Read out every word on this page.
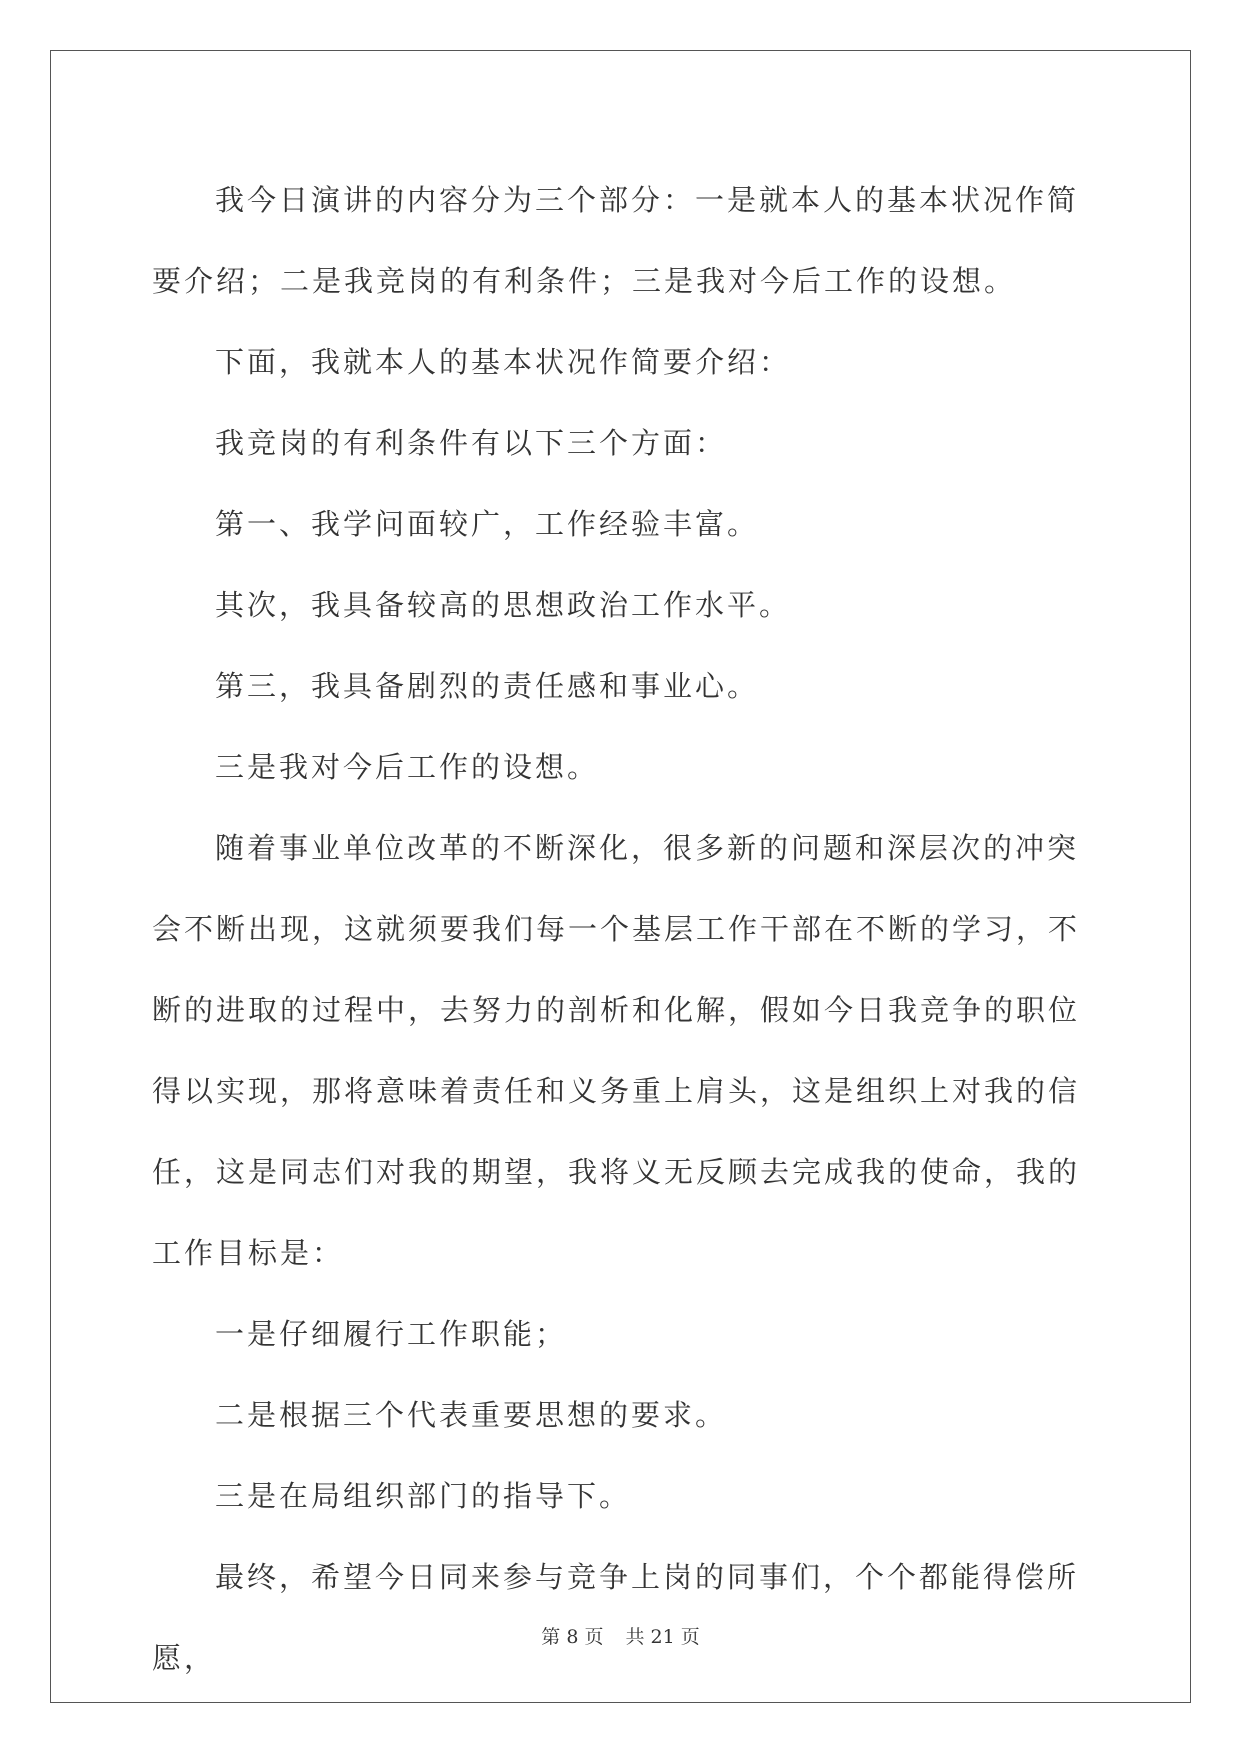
我今日演讲的内容分为三个部分：一是就本人的基本状况作简要介绍；二是我竞岗的有利条件；三是我对今后工作的设想。

下面，我就本人的基本状况作简要介绍：

我竞岗的有利条件有以下三个方面：

第一、我学问面较广，工作经验丰富。

其次，我具备较高的思想政治工作水平。

第三，我具备剧烈的责任感和事业心。

三是我对今后工作的设想。

随着事业单位改革的不断深化，很多新的问题和深层次的冲突会不断出现，这就须要我们每一个基层工作干部在不断的学习，不断的进取的过程中，去努力的剖析和化解，假如今日我竞争的职位得以实现，那将意味着责任和义务重上肩头，这是组织上对我的信任，这是同志们对我的期望，我将义无反顾去完成我的使命，我的工作目标是：

一是仔细履行工作职能；

二是根据三个代表重要思想的要求。

三是在局组织部门的指导下。

最终，希望今日同来参与竞争上岗的同事们，个个都能得偿所愿，

第 8 页 共 21 页
